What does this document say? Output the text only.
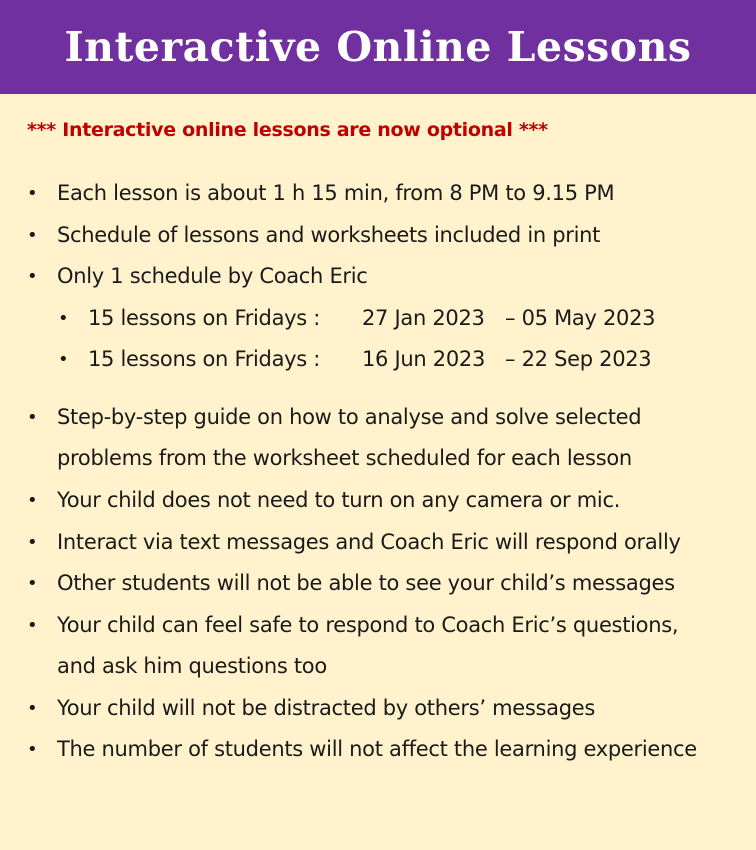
Interactive Online Lessons

*** Interactive online lessons are now optional ***

• Each lesson is about 1 h 15 min, from 8 PM to 9.15 PM
• Schedule of lessons and worksheets included in print
• Only 1 schedule by Coach Eric
• 15 lessons on Fridays : 27 Jan 2023 – 05 May 2023
• 15 lessons on Fridays : 16 Jun 2023 – 22 Sep 2023
• Step-by-step guide on how to analyse and solve selected
problems from the worksheet scheduled for each lesson
• Your child does not need to turn on any camera or mic.
• Interact via text messages and Coach Eric will respond orally
• Other students will not be able to see your child’s messages
• Your child can feel safe to respond to Coach Eric’s questions,
and ask him questions too
• Your child will not be distracted by others’ messages
• The number of students will not affect the learning experience
